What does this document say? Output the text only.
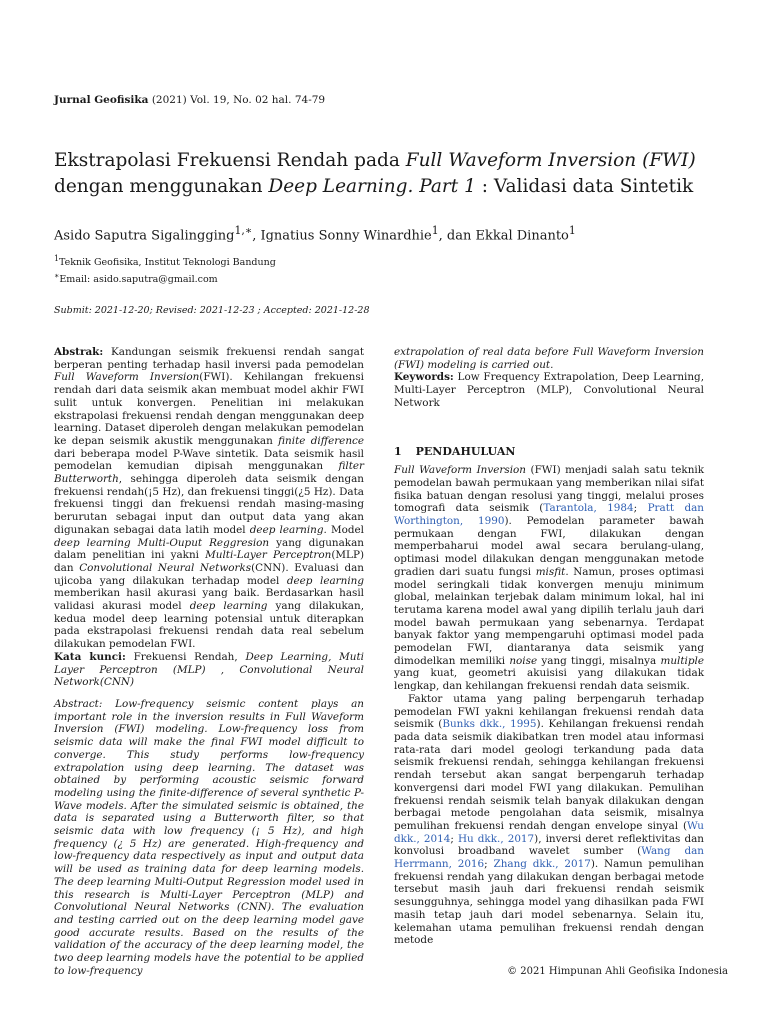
Jurnal Geofisika (2021) Vol. 19, No. 02 hal. 74-79
Ekstrapolasi Frekuensi Rendah pada Full Waveform Inversion (FWI)
dengan menggunakan Deep Learning. Part 1 : Validasi data Sintetik
Asido Saputra Sigalingging$^{1,∗}$, Ignatius Sonny Winardhie$^1$, dan Ekkal Dinanto$^1$
$^1$Teknik Geofisika, Institut Teknologi Bandung
∗Email: asido.saputra@gmail.com
Submit: 2021-12-20; Revised: 2021-12-23 ; Accepted: 2021-12-28
Abstrak: Kandungan seismik frekuensi rendah sangat berperan penting terhadap hasil inversi pada pemodelan Full Waveform Inversion(FWI). Kehilangan frekuensi rendah dari data seismik akan membuat model akhir FWI sulit untuk konvergen. Penelitian ini melakukan ekstrapolasi frekuensi rendah dengan menggunakan deep learning. Dataset diperoleh dengan melakukan pemodelan ke depan seismik akustik menggunakan finite difference dari beberapa model P-Wave sintetik. Data seismik hasil pemodelan kemudian dipisah menggunakan filter Butterworth, sehingga diperoleh data seismik dengan frekuensi rendah(¡5 Hz), dan frekuensi tinggi(¿5 Hz). Data frekuensi tinggi dan frekuensi rendah masing-masing berurutan sebagai input dan output data yang akan digunakan sebagai data latih model deep learning. Model deep learning Multi-Ouput Reggresion yang digunakan dalam penelitian ini yakni Multi-Layer Perceptron(MLP) dan Convolutional Neural Networks(CNN). Evaluasi dan ujicoba yang dilakukan terhadap model deep learning memberikan hasil akurasi yang baik. Berdasarkan hasil validasi akurasi model deep learning yang dilakukan, kedua model deep learning potensial untuk diterapkan pada ekstrapolasi frekuensi rendah data real sebelum dilakukan pemodelan FWI.
Kata kunci: Frekuensi Rendah, Deep Learning, Muti Layer Perceptron (MLP) , Convolutional Neural Network(CNN)
Abstract: Low-frequency seismic content plays an important role in the inversion results in Full Waveform Inversion (FWI) modeling. Low-frequency loss from seismic data will make the final FWI model difficult to converge. This study performs low-frequency extrapolation using deep learning. The dataset was obtained by performing acoustic seismic forward modeling using the finite-difference of several synthetic P-Wave models. After the simulated seismic is obtained, the data is separated using a Butterworth filter, so that seismic data with low frequency (¡ 5 Hz), and high frequency (¿ 5 Hz) are generated. High-frequency and low-frequency data respectively as input and output data will be used as training data for deep learning models. The deep learning Multi-Output Regression model used in this research is Multi-Layer Perceptron (MLP) and Convolutional Neural Networks (CNN). The evaluation and testing carried out on the deep learning model gave good accurate results. Based on the results of the validation of the accuracy of the deep learning model, the two deep learning models have the potential to be applied to low-frequency
extrapolation of real data before Full Waveform Inversion (FWI) modeling is carried out.
Keywords: Low Frequency Extrapolation, Deep Learning, Multi-Layer Perceptron (MLP), Convolutional Neural Network
1 PENDAHULUAN
Full Waveform Inversion (FWI) menjadi salah satu teknik pemodelan bawah permukaan yang memberikan nilai sifat fisika batuan dengan resolusi yang tinggi, melalui proses tomografi data seismik (Tarantola, 1984; Pratt dan Worthington, 1990). Pemodelan parameter bawah permukaan dengan FWI, dilakukan dengan memperbaharui model awal secara berulang-ulang, optimasi model dilakukan dengan menggunakan metode gradien dari suatu fungsi misfit. Namun, proses optimasi model seringkali tidak konvergen menuju minimum global, melainkan terjebak dalam minimum lokal, hal ini terutama karena model awal yang dipilih terlalu jauh dari model bawah permukaan yang sebenarnya. Terdapat banyak faktor yang mempengaruhi optimasi model pada pemodelan FWI, diantaranya data seismik yang dimodelkan memiliki noise yang tinggi, misalnya multiple yang kuat, geometri akuisisi yang dilakukan tidak lengkap, dan kehilangan frekuensi rendah data seismik.
Faktor utama yang paling berpengaruh terhadap pemodelan FWI yakni kehilangan frekuensi rendah data seismik (Bunks dkk., 1995). Kehilangan frekuensi rendah pada data seismik diakibatkan tren model atau informasi rata-rata dari model geologi terkandung pada data seismik frekuensi rendah, sehingga kehilangan frekuensi rendah tersebut akan sangat berpengaruh terhadap konvergensi dari model FWI yang dilakukan. Pemulihan frekuensi rendah seismik telah banyak dilakukan dengan berbagai metode pengolahan data seismik, misalnya pemulihan frekuensi rendah dengan envelope sinyal (Wu dkk., 2014; Hu dkk., 2017), inversi deret reflektivitas dan konvolusi broadband wavelet sumber (Wang dan Herrmann, 2016; Zhang dkk., 2017). Namun pemulihan frekuensi rendah yang dilakukan dengan berbagai metode tersebut masih jauh dari frekuensi rendah seismik sesungguhnya, sehingga model yang dihasilkan pada FWI masih tetap jauh dari model sebenarnya. Selain itu, kelemahan utama pemulihan frekuensi rendah dengan metode
© 2021 Himpunan Ahli Geofisika Indonesia
